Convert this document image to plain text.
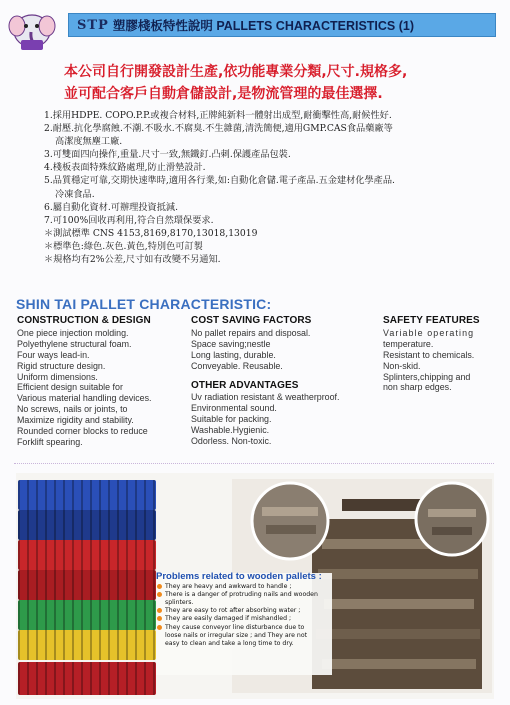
STP 塑膠棧板特性說明 PALLETS CHARACTERISTICS (1)

本公司自行開發設計生產,依功能專業分類,尺寸.規格多,

並可配合客戶自動倉儲設計,是物流管理的最佳選擇.

1.採用HDPE. COPO.P.P.或複合材料,正牌純新料一體射出成型,耐衝擊性高,耐候性好.
2.耐壓.抗化學腐蝕.不潮.不吸水.不腐臭.不生雜菌,清洗簡便,適用GMP.CAS食品藥廠等
高潔度無塵工廠.
3.可雙面四向操作,重量.尺寸一致,無鐵釘.凸刺.保護產品包裝.
4.棧板表面特殊紋路處理,防止滑墊設計.
5.品質穩定可靠,交期快速準時,適用各行業,如:自動化倉儲.電子產品.五金建材化學產品.
冷凍食品.
6.屬自動化資材.可辦理投資抵減.
7.可100%回收再利用,符合自然環保要求.
＊測試標準 CNS 4153,8169,8170,13018,13019
＊標準色:綠色.灰色.黃色,特別色可訂製
＊規格均有2%公差,尺寸如有改變不另通知.
SHIN TAI PALLET CHARACTERISTIC:
CONSTRUCTION & DESIGN
One piece injection molding.
Polyethylene structural foam.
Four ways lead-in.
Rigid structure design.
Uniform dimensions.
Efficient design suitable for
Various material handling devices.
No screws, nails or joints, to
Maximize rigidity and stability.
Rounded corner blocks to reduce
Forklift spearing.
COST SAVING FACTORS
No pallet repairs and disposal.
Space saving;nestle
Long lasting, durable.
Conveyable. Reusable.
OTHER ADVANTAGES
Uv radiation resistant & weatherproof.
Environmental sound.
Suitable for packing.
Washable.Hygienic.
Odorless. Non-toxic.
SAFETY FEATURES
Variable operating
temperature.
Resistant to chemicals.
Non-skid.
Splinters,chipping and
non sharp edges.
Problems related to wooden pallets :
They are heavy and awkward to handle ;
There is a danger of protruding nails and wooden
splinters.
They are easy to rot after absorbing water ;
They are easily damaged if mishandled ;
They cause conveyor line disturbance due to
loose nails or irregular size ; and They are not
easy to clean and take a long time to dry.
